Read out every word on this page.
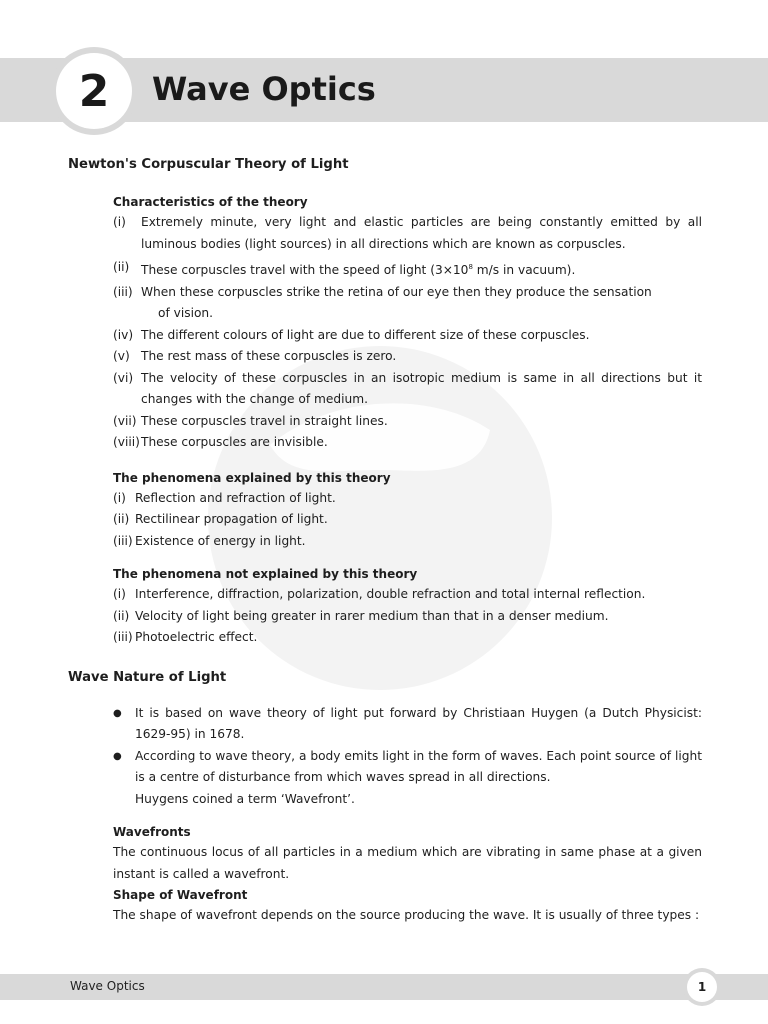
2	Wave Optics
Newton's Corpuscular Theory of Light
Characteristics of the theory
(i)	Extremely minute, very light and elastic particles are being constantly emitted by all luminous bodies (light sources) in all directions which are known as corpuscles.
(ii) These corpuscles travel with the speed of light ($3\times 10^8$ m/s in vacuum).
(iii) When these corpuscles strike the retina of our eye then they produce the sensation
of vision.
(iv) The different colours of light are due to different size of these corpuscles.
(v) The rest mass of these corpuscles is zero.
(vi) The velocity of these corpuscles in an isotropic medium is same in all directions but it changes with the change of medium.
(vii) These corpuscles travel in straight lines.
(viii) These corpuscles are invisible.
The phenomena explained by this theory
(i) Reflection and refraction of light.
(ii) Rectilinear propagation of light.
(iii) Existence of energy in light.
The phenomena not explained by this theory
(i) Interference, diffraction, polarization, double refraction and total internal reflection.
(ii) Velocity of light being greater in rarer medium than that in a denser medium.
(iii) Photoelectric effect.
Wave Nature of Light
●	It is based on wave theory of light put forward by Christiaan Huygen (a Dutch Physicist: 1629-95) in 1678.
●	According to wave theory, a body emits light in the form of waves. Each point source of light is a centre of disturbance from which waves spread in all directions.
Huygens coined a term ‘Wavefront’.
Wavefronts
The continuous locus of all particles in a medium which are vibrating in same phase at a given instant is called a wavefront.
Shape of Wavefront
The shape of wavefront depends on the source producing the wave. It is usually of three types :
Wave Optics	1
